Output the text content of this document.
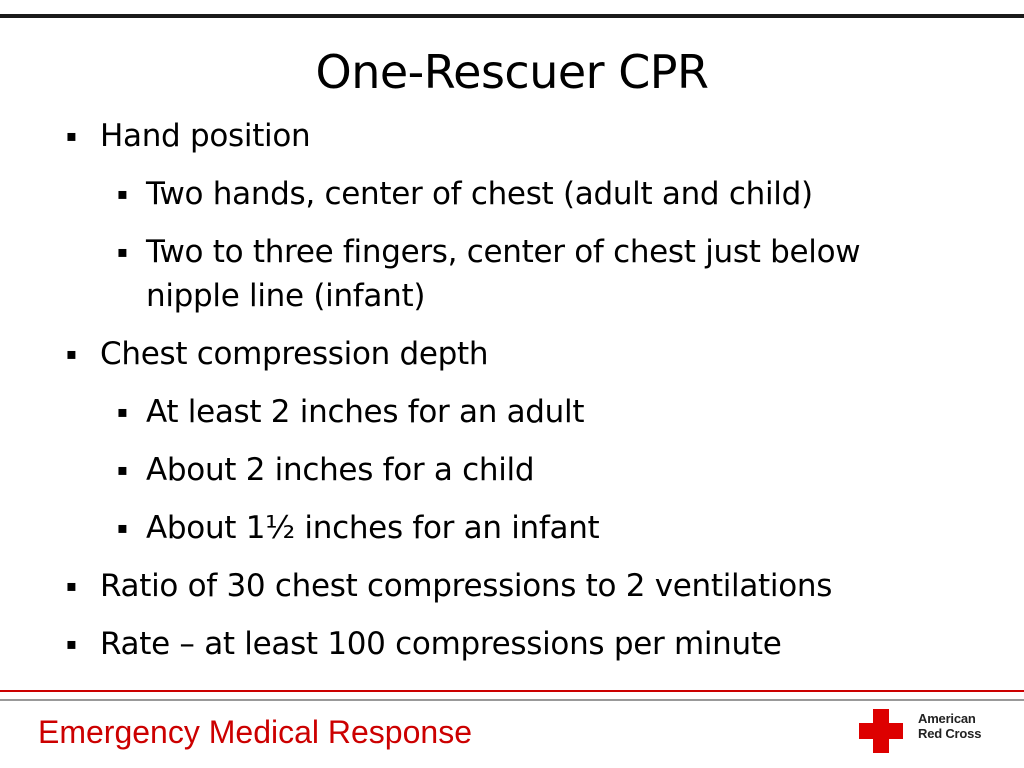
One-Rescuer CPR
▪ Hand position
▪ Two hands, center of chest (adult and child)
▪ Two to three fingers, center of chest just below nipple line (infant)
▪ Chest compression depth
▪ At least 2 inches for an adult
▪ About 2 inches for a child
▪ About 1½ inches for an infant
▪ Ratio of 30 chest compressions to 2 ventilations
▪ Rate – at least 100 compressions per minute
Emergency Medical Response	American
Red Cross
